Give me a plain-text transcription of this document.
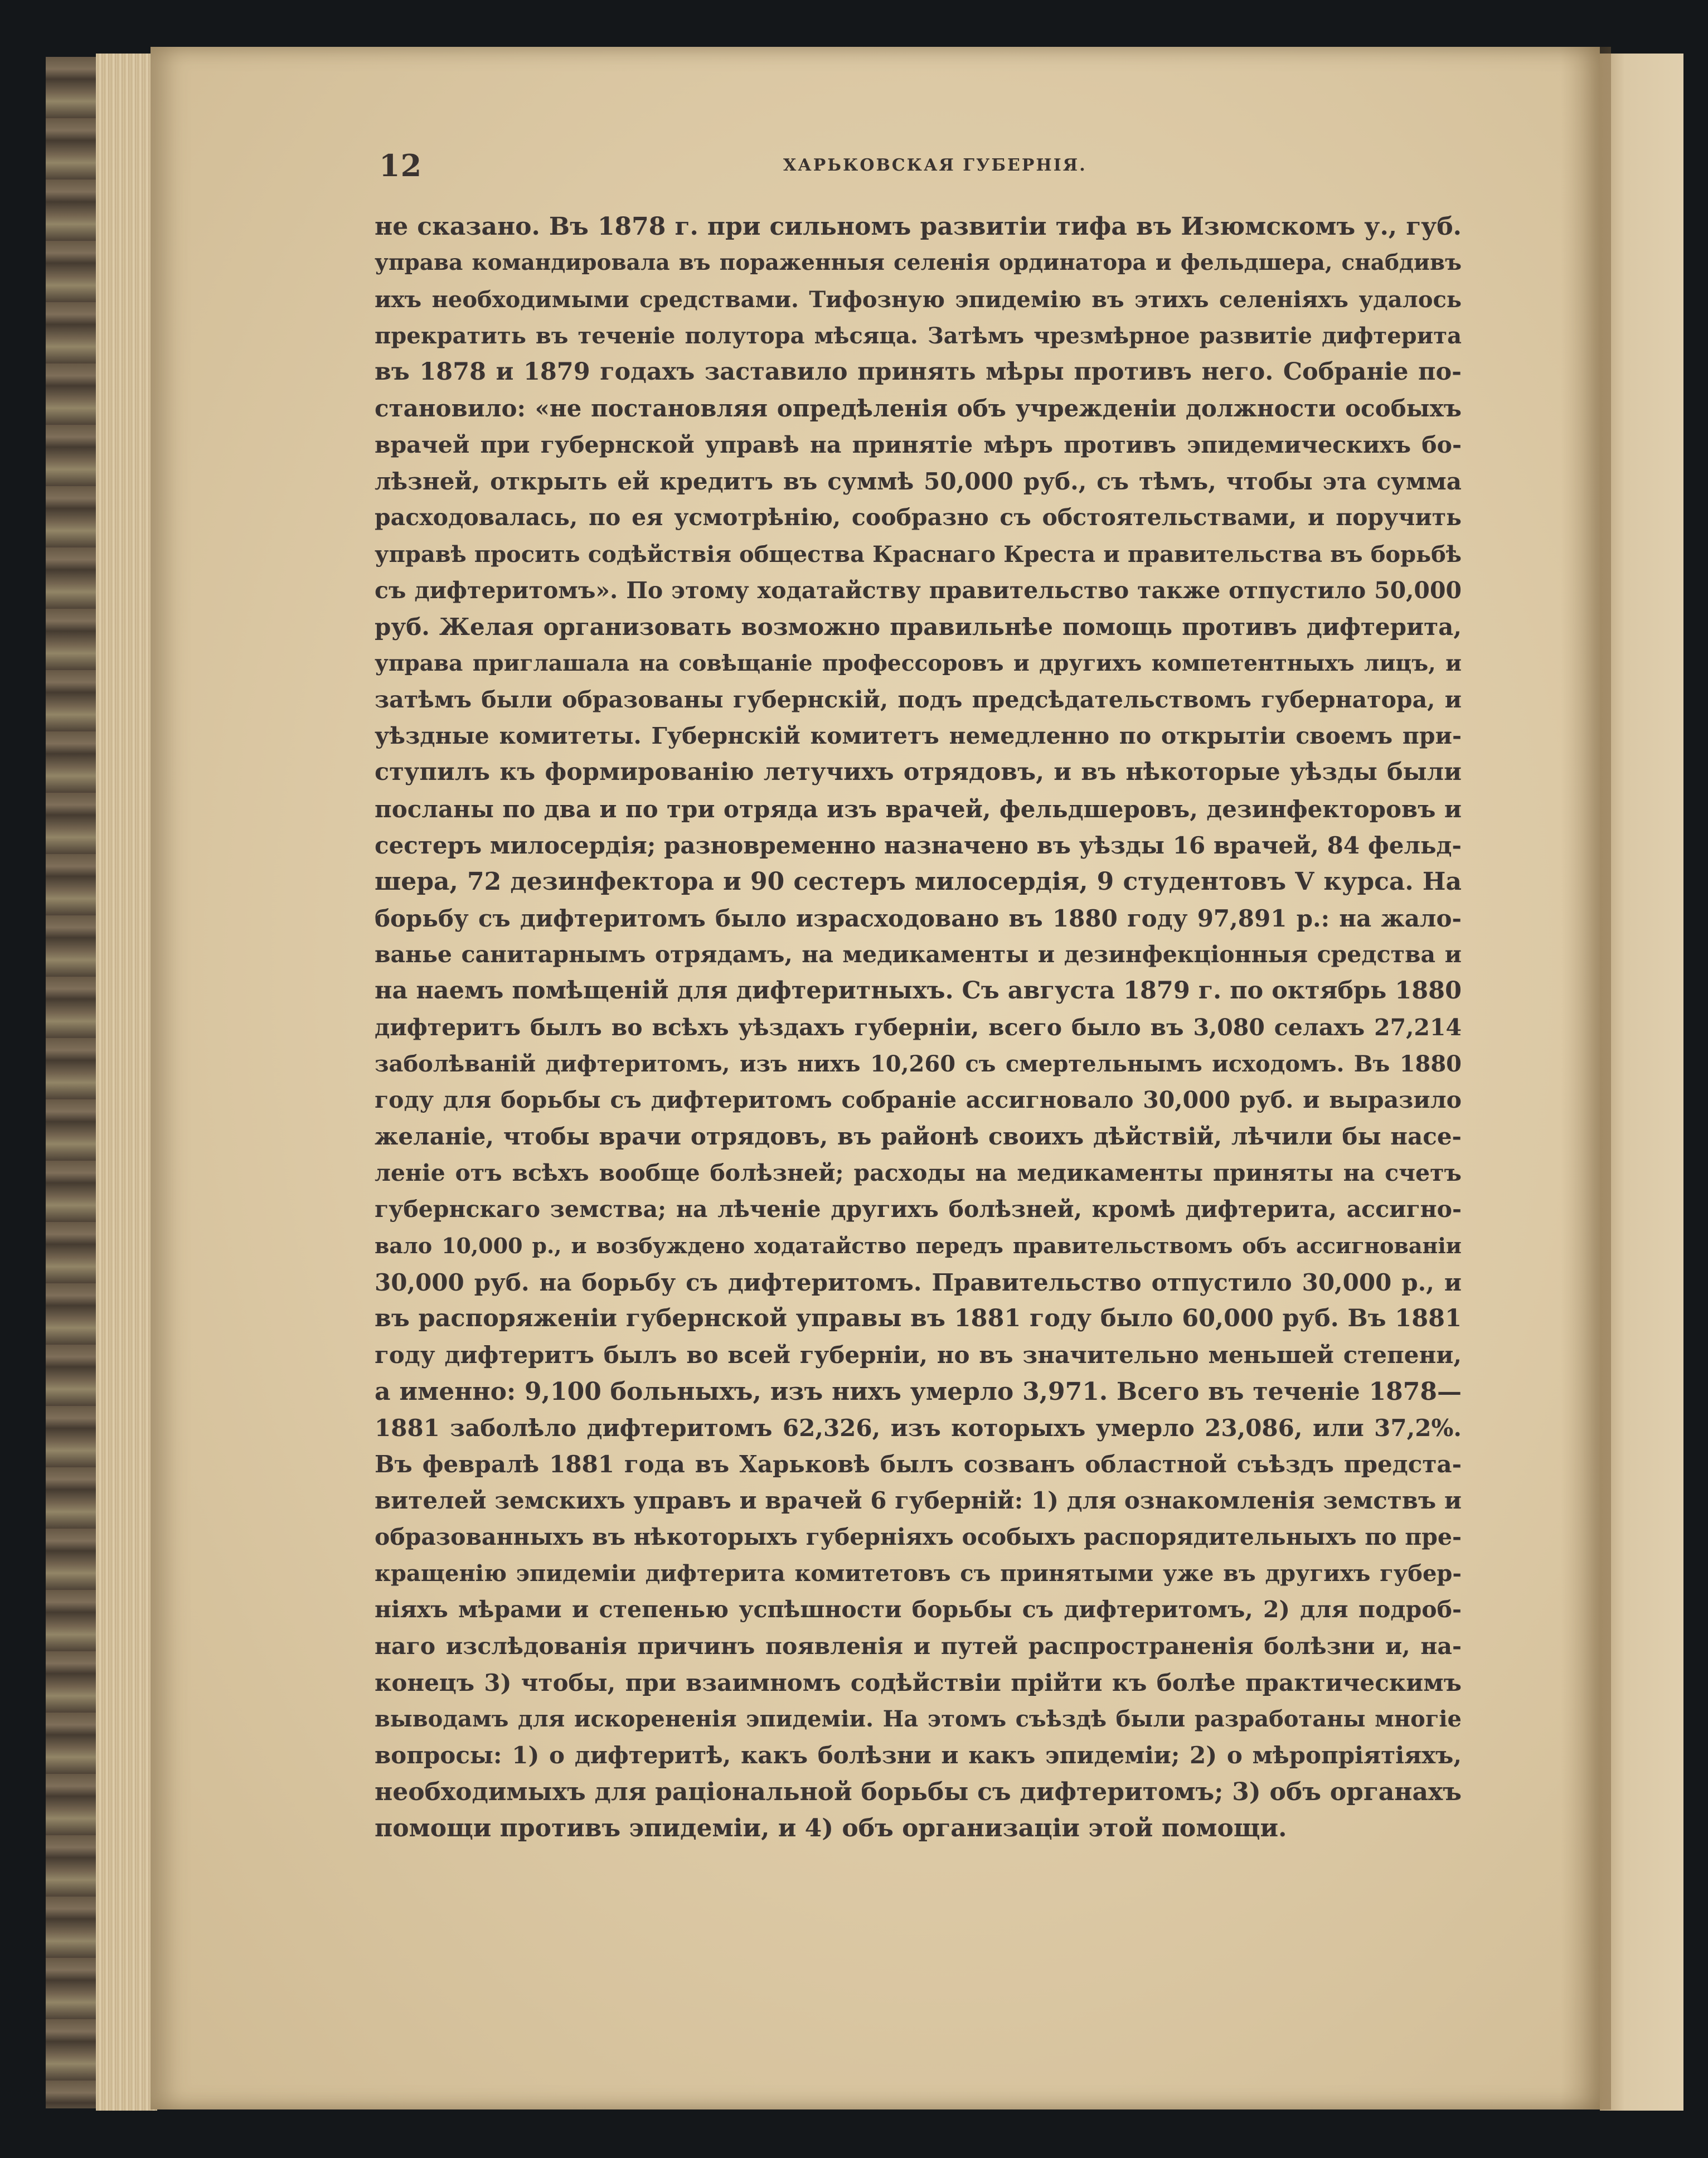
12	ХАРЬКОВСКАЯ ГУБЕРНІЯ.
не сказано. Въ 1878 г. при сильномъ развитіи тифа въ Изюмскомъ у., губ.
управа командировала въ пораженныя селенія ординатора и фельдшера, снабдивъ
ихъ необходимыми средствами. Тифозную эпидемію въ этихъ селеніяхъ удалось
прекратить въ теченіе полутора мѣсяца. Затѣмъ чрезмѣрное развитіе дифтерита
въ 1878 и 1879 годахъ заставило принять мѣры противъ него. Собраніе по-
становило: «не постановляя опредѣленія объ учрежденіи должности особыхъ
врачей при губернской управѣ на принятіе мѣръ противъ эпидемическихъ бо-
лѣзней, открыть ей кредитъ въ суммѣ 50,000 руб., съ тѣмъ, чтобы эта сумма
расходовалась, по ея усмотрѣнію, сообразно съ обстоятельствами, и поручить
управѣ просить содѣйствія общества Краснаго Креста и правительства въ борьбѣ
съ дифтеритомъ». По этому ходатайству правительство также отпустило 50,000
руб. Желая организовать возможно правильнѣе помощь противъ дифтерита,
управа приглашала на совѣщаніе профессоровъ и другихъ компетентныхъ лицъ, и
затѣмъ были образованы губернскій, подъ предсѣдательствомъ губернатора, и
уѣздные комитеты. Губернскій комитетъ немедленно по открытіи своемъ при-
ступилъ къ формированію летучихъ отрядовъ, и въ нѣкоторые уѣзды были
посланы по два и по три отряда изъ врачей, фельдшеровъ, дезинфекторовъ и
сестеръ милосердія; разновременно назначено въ уѣзды 16 врачей, 84 фельд-
шера, 72 дезинфектора и 90 сестеръ милосердія, 9 студентовъ Ⅴ курса. На
борьбу съ дифтеритомъ было израсходовано въ 1880 году 97,891 р.: на жало-
ванье санитарнымъ отрядамъ, на медикаменты и дезинфекціонныя средства и
на наемъ помѣщеній для дифтеритныхъ. Съ августа 1879 г. по октябрь 1880
дифтеритъ былъ во всѣхъ уѣздахъ губерніи, всего было въ 3,080 селахъ 27,214
заболѣваній дифтеритомъ, изъ нихъ 10,260 съ смертельнымъ исходомъ. Въ 1880
году для борьбы съ дифтеритомъ собраніе ассигновало 30,000 руб. и выразило
желаніе, чтобы врачи отрядовъ, въ районѣ своихъ дѣйствій, лѣчили бы насе-
леніе отъ всѣхъ вообще болѣзней; расходы на медикаменты приняты на счетъ
губернскаго земства; на лѣченіе другихъ болѣзней, кромѣ дифтерита, ассигно-
вало 10,000 р., и возбуждено ходатайство передъ правительствомъ объ ассигнованіи
30,000 руб. на борьбу съ дифтеритомъ. Правительство отпустило 30,000 р., и
въ распоряженіи губернской управы въ 1881 году было 60,000 руб. Въ 1881
году дифтеритъ былъ во всей губерніи, но въ значительно меньшей степени,
а именно: 9,100 больныхъ, изъ нихъ умерло 3,971. Всего въ теченіе 1878—
1881 заболѣло дифтеритомъ 62,326, изъ которыхъ умерло 23,086, или 37,2%.
Въ февралѣ 1881 года въ Харьковѣ былъ созванъ областной съѣздъ предста-
вителей земскихъ управъ и врачей 6 губерній: 1) для ознакомленія земствъ и
образованныхъ въ нѣкоторыхъ губерніяхъ особыхъ распорядительныхъ по пре-
кращенію эпидеміи дифтерита комитетовъ съ принятыми уже въ другихъ губер-
ніяхъ мѣрами и степенью успѣшности борьбы съ дифтеритомъ, 2) для подроб-
наго изслѣдованія причинъ появленія и путей распространенія болѣзни и, на-
конецъ 3) чтобы, при взаимномъ содѣйствіи прійти къ болѣе практическимъ
выводамъ для искорененія эпидеміи. На этомъ съѣздѣ были разработаны многіе
вопросы: 1) о дифтеритѣ, какъ болѣзни и какъ эпидеміи; 2) о мѣропріятіяхъ,
необходимыхъ для раціональной борьбы съ дифтеритомъ; 3) объ органахъ
помощи противъ эпидеміи, и 4) объ организаціи этой помощи.
